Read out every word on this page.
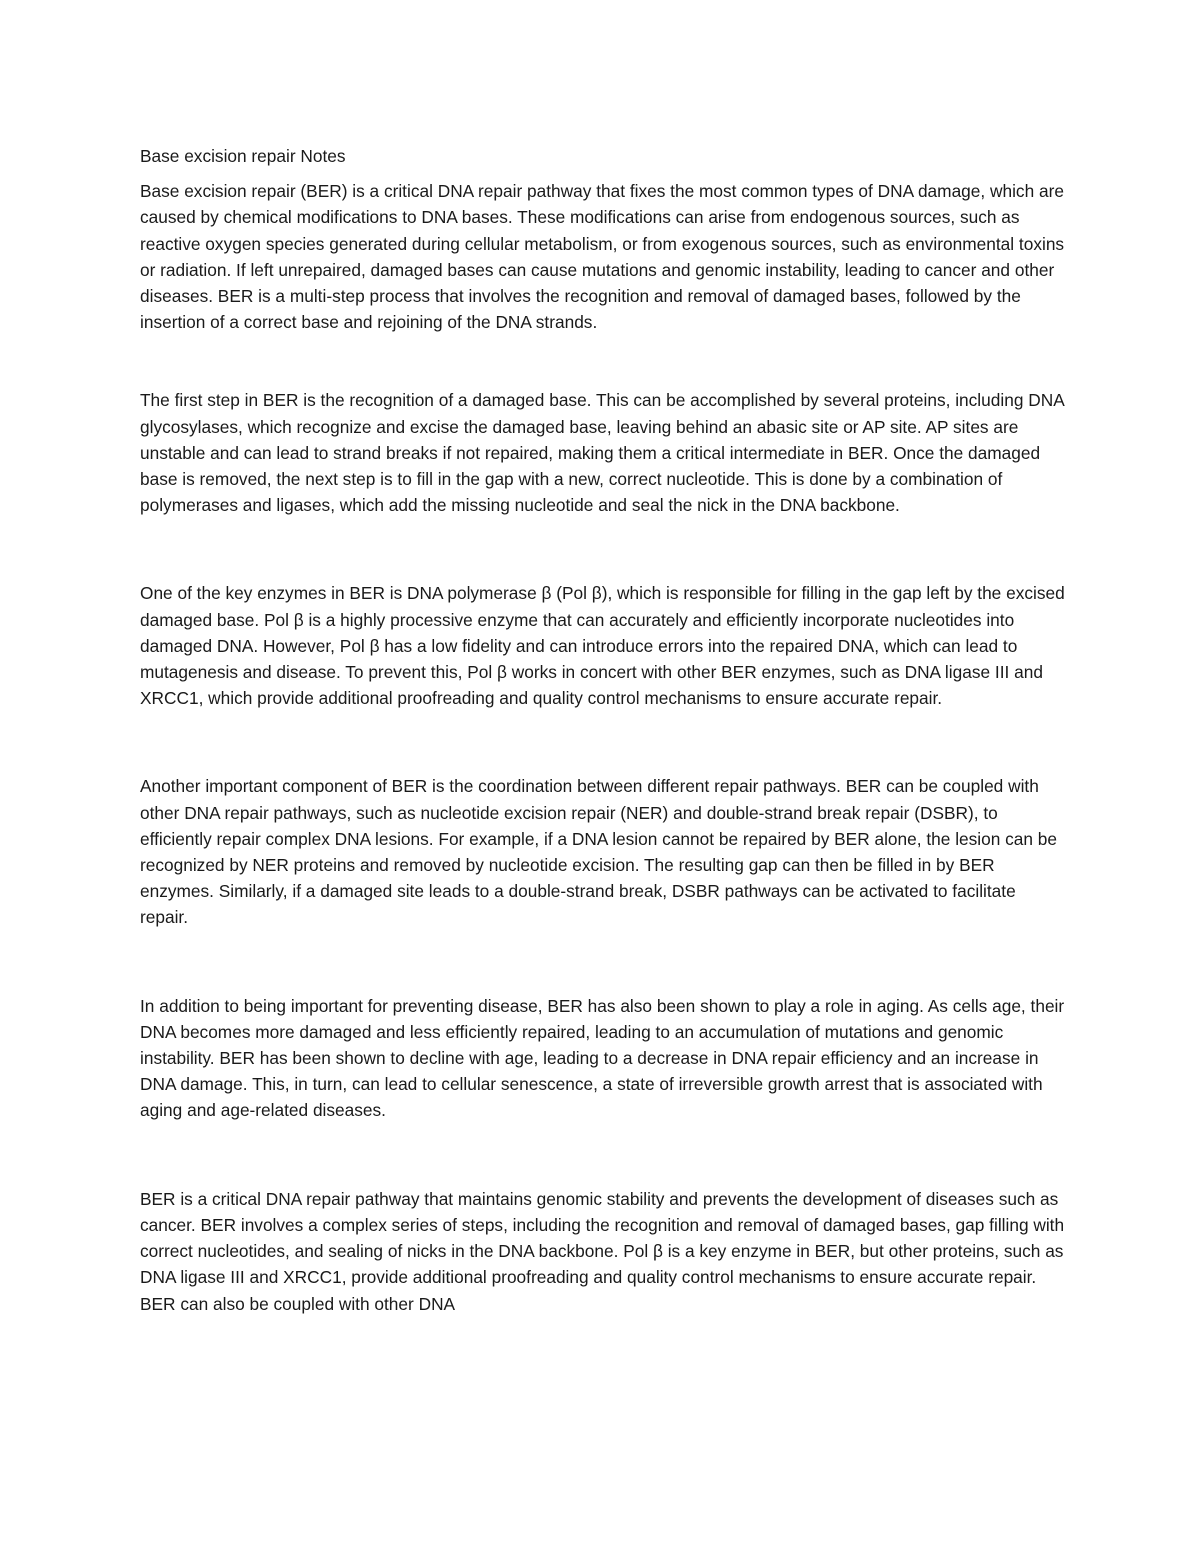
Base excision repair Notes

Base excision repair (BER) is a critical DNA repair pathway that fixes the most common types of DNA damage, which are caused by chemical modifications to DNA bases. These modifications can arise from endogenous sources, such as reactive oxygen species generated during cellular metabolism, or from exogenous sources, such as environmental toxins or radiation. If left unrepaired, damaged bases can cause mutations and genomic instability, leading to cancer and other diseases. BER is a multi-step process that involves the recognition and removal of damaged bases, followed by the insertion of a correct base and rejoining of the DNA strands.

The first step in BER is the recognition of a damaged base. This can be accomplished by several proteins, including DNA glycosylases, which recognize and excise the damaged base, leaving behind an abasic site or AP site. AP sites are unstable and can lead to strand breaks if not repaired, making them a critical intermediate in BER. Once the damaged base is removed, the next step is to fill in the gap with a new, correct nucleotide. This is done by a combination of polymerases and ligases, which add the missing nucleotide and seal the nick in the DNA backbone.

One of the key enzymes in BER is DNA polymerase β (Pol β), which is responsible for filling in the gap left by the excised damaged base. Pol β is a highly processive enzyme that can accurately and efficiently incorporate nucleotides into damaged DNA. However, Pol β has a low fidelity and can introduce errors into the repaired DNA, which can lead to mutagenesis and disease. To prevent this, Pol β works in concert with other BER enzymes, such as DNA ligase III and XRCC1, which provide additional proofreading and quality control mechanisms to ensure accurate repair.

Another important component of BER is the coordination between different repair pathways. BER can be coupled with other DNA repair pathways, such as nucleotide excision repair (NER) and double-strand break repair (DSBR), to efficiently repair complex DNA lesions. For example, if a DNA lesion cannot be repaired by BER alone, the lesion can be recognized by NER proteins and removed by nucleotide excision. The resulting gap can then be filled in by BER enzymes. Similarly, if a damaged site leads to a double-strand break, DSBR pathways can be activated to facilitate repair.

In addition to being important for preventing disease, BER has also been shown to play a role in aging. As cells age, their DNA becomes more damaged and less efficiently repaired, leading to an accumulation of mutations and genomic instability. BER has been shown to decline with age, leading to a decrease in DNA repair efficiency and an increase in DNA damage. This, in turn, can lead to cellular senescence, a state of irreversible growth arrest that is associated with aging and age-related diseases.

BER is a critical DNA repair pathway that maintains genomic stability and prevents the development of diseases such as cancer. BER involves a complex series of steps, including the recognition and removal of damaged bases, gap filling with correct nucleotides, and sealing of nicks in the DNA backbone. Pol β is a key enzyme in BER, but other proteins, such as DNA ligase III and XRCC1, provide additional proofreading and quality control mechanisms to ensure accurate repair. BER can also be coupled with other DNA
